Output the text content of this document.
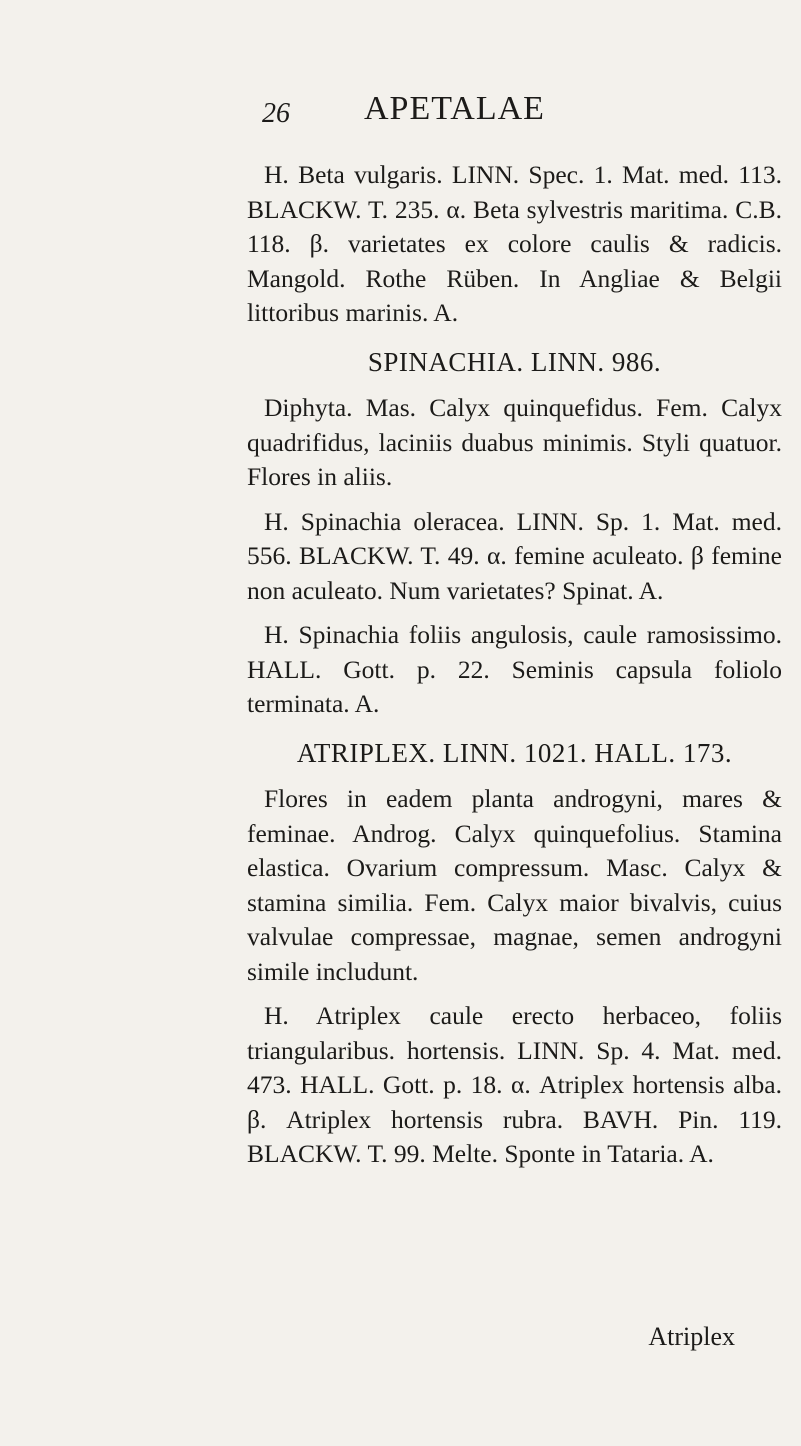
26 APETALAE

H. Beta vulgaris. LINN. Spec. 1. Mat. med. 113. BLACKW. T. 235. α. Beta sylvestris maritima. C.B. 118. β. varietates ex colore caulis & radicis. Mangold. Rothe Rüben. In Angliae & Belgii littoribus marinis. A.

SPINACHIA. LINN. 986.

Diphyta. Mas. Calyx quinquefidus. Fem. Calyx quadrifidus, laciniis duabus minimis. Styli quatuor. Flores in aliis.

H. Spinachia oleracea. LINN. Sp. 1. Mat. med. 556. BLACKW. T. 49. α. femine aculeato. β femine non aculeato. Num varietates? Spinat. A.

H. Spinachia foliis angulosis, caule ramosissimo. HALL. Gott. p. 22. Seminis capsula foliolo terminata. A.

ATRIPLEX. LINN. 1021. HALL. 173.

Flores in eadem planta androgyni, mares & feminae. Androg. Calyx quinquefolius. Stamina elastica. Ovarium compressum. Masc. Calyx & stamina similia. Fem. Calyx maior bivalvis, cuius valvulae compressae, magnae, semen androgyni simile includunt.

H. Atriplex caule erecto herbaceo, foliis triangularibus. hortensis. LINN. Sp. 4. Mat. med. 473. HALL. Gott. p. 18. α. Atriplex hortensis alba. β. Atriplex hortensis rubra. BAVH. Pin. 119. BLACKW. T. 99. Melte. Sponte in Tataria. A.

Atriplex
